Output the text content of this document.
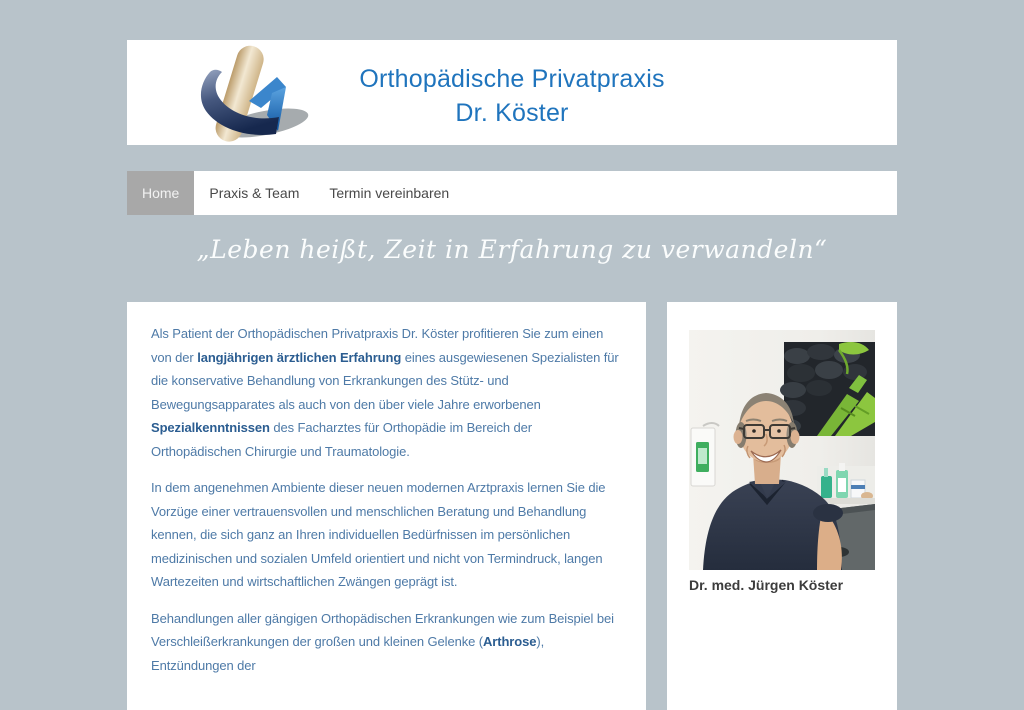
Orthopädische Privatpraxis
Dr. Köster
Home	Praxis & Team	Termin vereinbaren
„Leben heißt, Zeit in Erfahrung zu verwandeln“

Als Patient der Orthopädischen Privatpraxis Dr. Köster profitieren Sie zum einen von der langjährigen ärztlichen Erfahrung eines ausgewiesenen Spezialisten für die konservative Behandlung von Erkrankungen des Stütz- und Bewegungsapparates als auch von den über viele Jahre erworbenen Spezialkenntnissen des Facharztes für Orthopädie im Bereich der Orthopädischen Chirurgie und Traumatologie.

In dem angenehmen Ambiente dieser neuen modernen Arztpraxis lernen Sie die Vorzüge einer vertrauensvollen und menschlichen Beratung und Behandlung kennen, die sich ganz an Ihren individuellen Bedürfnissen im persönlichen medizinischen und sozialen Umfeld orientiert und nicht von Termindruck, langen Wartezeiten und wirtschaftlichen Zwängen geprägt ist.

Behandlungen aller gängigen Orthopädischen Erkrankungen wie zum Beispiel bei Verschleißerkrankungen der großen und kleinen Gelenke (Arthrose), Entzündungen der

Dr. med. Jürgen Köster
